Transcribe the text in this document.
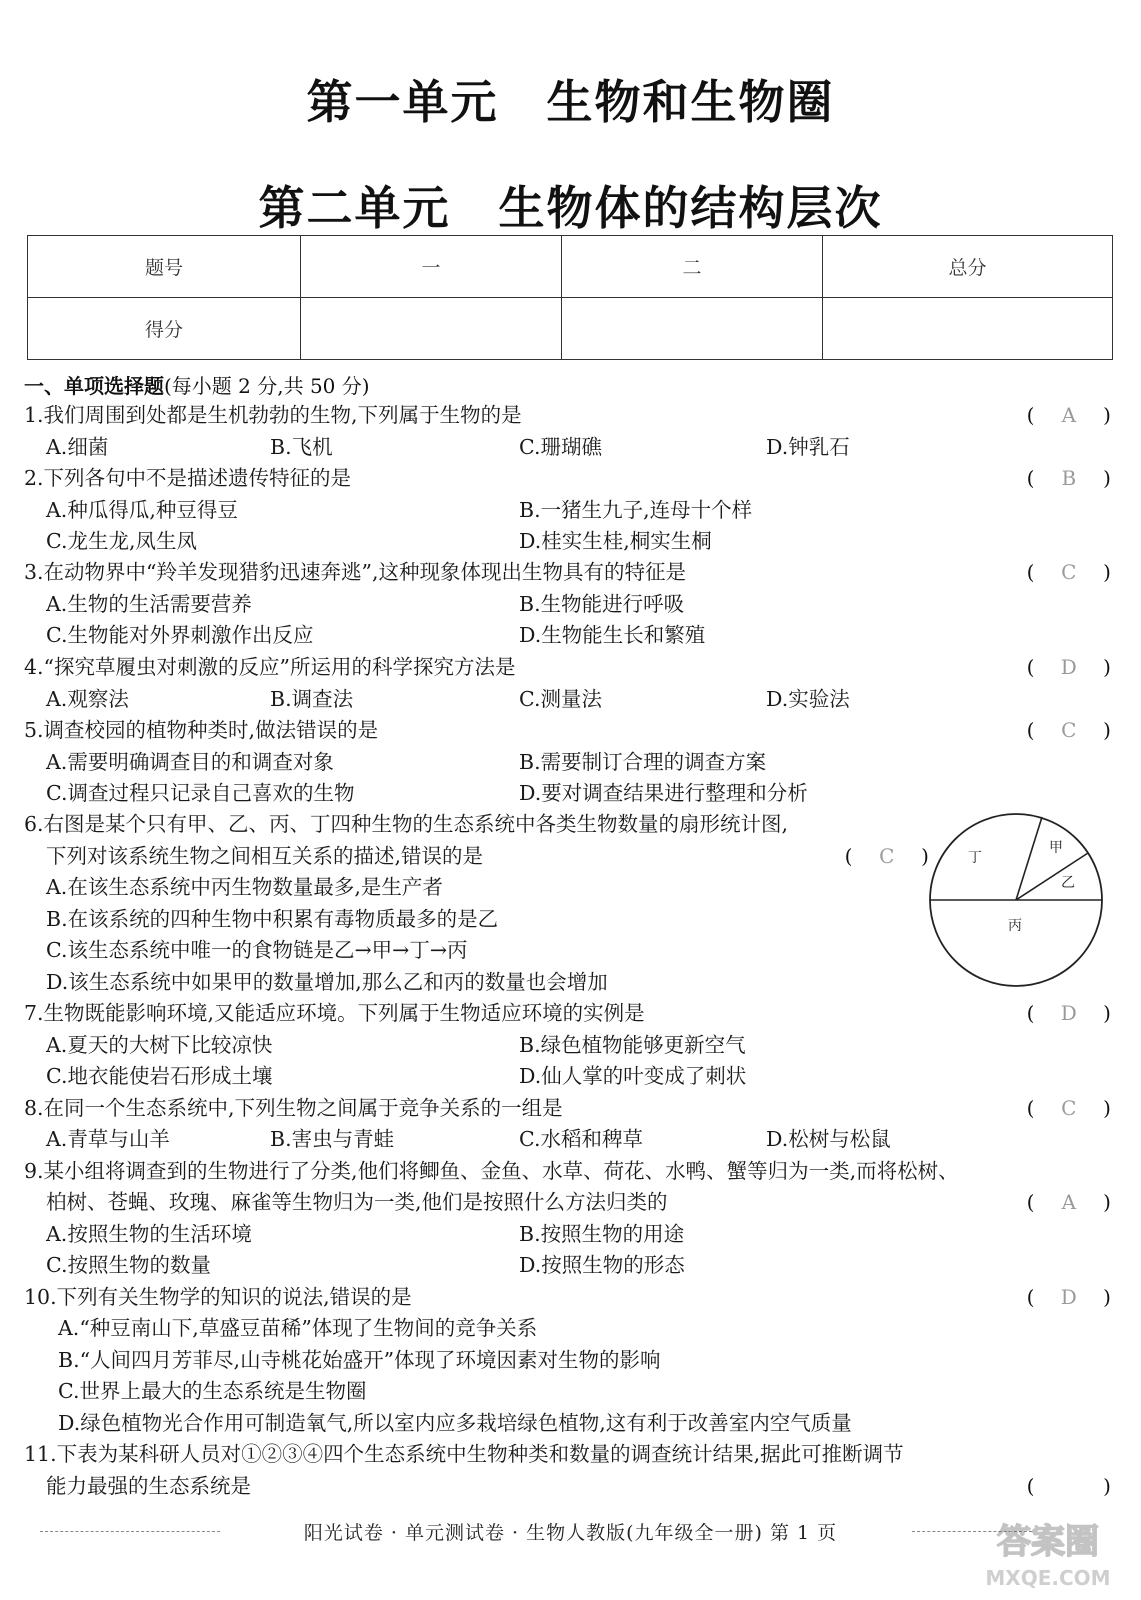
第一单元 生物和生物圈
第二单元 生物体的结构层次
题号	一	二	总分
得分			
一、单项选择题(每小题 2 分,共 50 分)
1.我们周围到处都是生机勃勃的生物,下列属于生物的是	( A )
A.细菌	B.飞机	C.珊瑚礁	D.钟乳石
2.下列各句中不是描述遗传特征的是	( B )
A.种瓜得瓜,种豆得豆	B.一猪生九子,连母十个样
C.龙生龙,凤生凤	D.桂实生桂,桐实生桐
3.在动物界中“羚羊发现猎豹迅速奔逃”,这种现象体现出生物具有的特征是	( C )
A.生物的生活需要营养	B.生物能进行呼吸
C.生物能对外界刺激作出反应	D.生物能生长和繁殖
4.“探究草履虫对刺激的反应”所运用的科学探究方法是	( D )
A.观察法	B.调查法	C.测量法	D.实验法
5.调查校园的植物种类时,做法错误的是	( C )
A.需要明确调查目的和调查对象	B.需要制订合理的调查方案
C.调查过程只记录自己喜欢的生物	D.要对调查结果进行整理和分析
6.右图是某个只有甲、乙、丙、丁四种生物的生态系统中各类生物数量的扇形统计图,
下列对该系统生物之间相互关系的描述,错误的是	( C )
A.在该生态系统中丙生物数量最多,是生产者
B.在该系统的四种生物中积累有毒物质最多的是乙
C.该生态系统中唯一的食物链是乙→甲→丁→丙
D.该生态系统中如果甲的数量增加,那么乙和丙的数量也会增加
甲
乙
丙
丁
7.生物既能影响环境,又能适应环境。下列属于生物适应环境的实例是	( D )
A.夏天的大树下比较凉快	B.绿色植物能够更新空气
C.地衣能使岩石形成土壤	D.仙人掌的叶变成了刺状
8.在同一个生态系统中,下列生物之间属于竞争关系的一组是	( C )
A.青草与山羊	B.害虫与青蛙	C.水稻和稗草	D.松树与松鼠
9.某小组将调查到的生物进行了分类,他们将鲫鱼、金鱼、水草、荷花、水鸭、蟹等归为一类,而将松树、
柏树、苍蝇、玫瑰、麻雀等生物归为一类,他们是按照什么方法归类的	( A )
A.按照生物的生活环境	B.按照生物的用途
C.按照生物的数量	D.按照生物的形态
10.下列有关生物学的知识的说法,错误的是	( D )
A.“种豆南山下,草盛豆苗稀”体现了生物间的竞争关系
B.“人间四月芳菲尽,山寺桃花始盛开”体现了环境因素对生物的影响
C.世界上最大的生态系统是生物圈
D.绿色植物光合作用可制造氧气,所以室内应多栽培绿色植物,这有利于改善室内空气质量
11.下表为某科研人员对①②③④四个生态系统中生物种类和数量的调查统计结果,据此可推断调节
能力最强的生态系统是	(	)
阳光试卷 · 单元测试卷 · 生物人教版(九年级全一册) 第 1 页	答案圈
MXQE.COM
